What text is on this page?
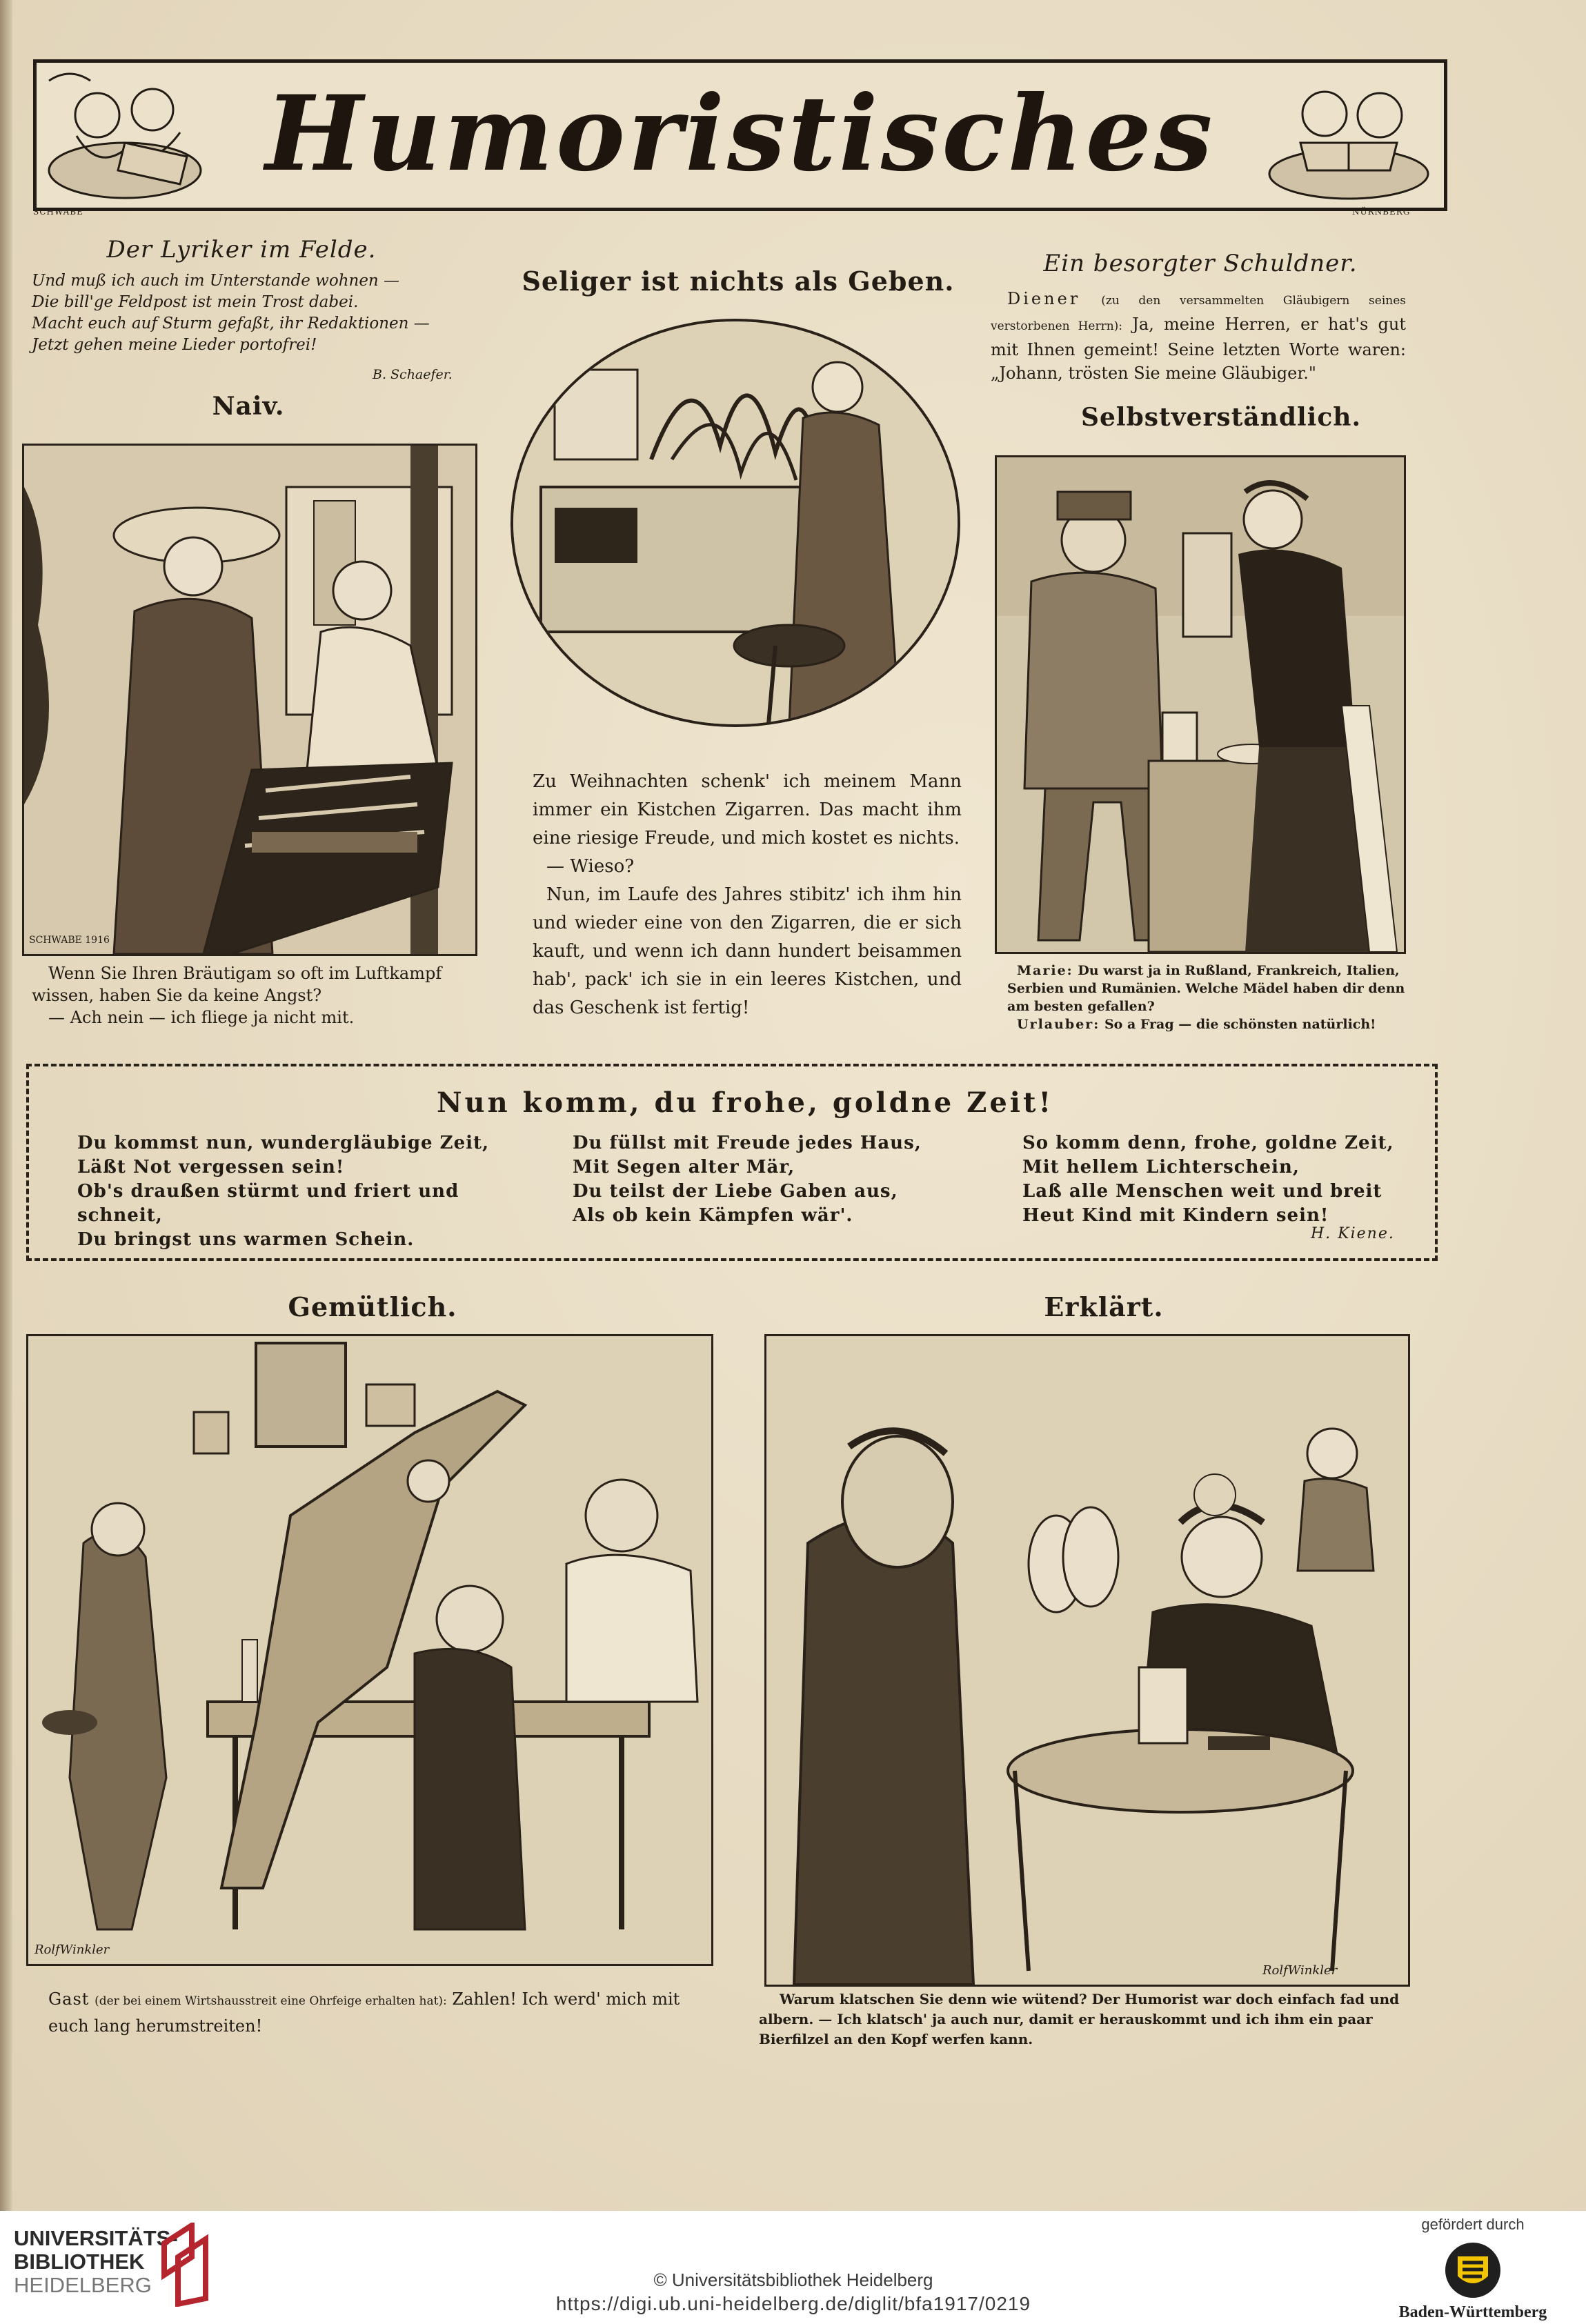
Humoristisches
SCHWABE	NÜRNBERG
Der Lyriker im Felde.
Und muß ich auch im Unterstande wohnen —
Die bill'ge Feldpost ist mein Trost dabei.
Macht euch auf Sturm gefaßt, ihr Redaktionen —
Jetzt gehen meine Lieder portofrei!
B. Schaefer.
Naiv.
SCHWABE 1916
Wenn Sie Ihren Bräutigam so oft im Luftkampf wissen, haben Sie da keine Angst?
— Ach nein — ich fliege ja nicht mit.
Seliger ist nichts als Geben.
Zu Weihnachten schenk' ich meinem Mann immer ein Kistchen Zigarren. Das macht ihm eine riesige Freude, und mich kostet es nichts.
— Wieso?
Nun, im Laufe des Jahres stibitz' ich ihm hin und wieder eine von den Zigarren, die er sich kauft, und wenn ich dann hundert beisammen hab', pack' ich sie in ein leeres Kistchen, und das Geschenk ist fertig!
Ein besorgter Schuldner.
Diener (zu den versammelten Gläubigern seines verstorbenen Herrn): Ja, meine Herren, er hat's gut mit Ihnen gemeint! Seine letzten Worte waren: „Johann, trösten Sie meine Gläubiger."
Selbstverständlich.
Marie: Du warst ja in Rußland, Frankreich, Italien, Serbien und Rumänien. Welche Mädel haben dir denn am besten gefallen?
Urlauber: So a Frag — die schönsten natürlich!
Nun komm, du frohe, goldne Zeit!
Du kommst nun, wundergläubige Zeit,
Läßt Not vergessen sein!
Ob's draußen stürmt und friert und schneit,
Du bringst uns warmen Schein.
Du füllst mit Freude jedes Haus,
Mit Segen alter Mär,
Du teilst der Liebe Gaben aus,
Als ob kein Kämpfen wär'.
So komm denn, frohe, goldne Zeit,
Mit hellem Lichterschein,
Laß alle Menschen weit und breit
Heut Kind mit Kindern sein!
H. Kiene.
Gemütlich.
RolfWinkler
Gast (der bei einem Wirtshausstreit eine Ohrfeige erhalten hat): Zahlen! Ich werd' mich mit euch lang herumstreiten!
Erklärt.
RolfWinkler
Warum klatschen Sie denn wie wütend? Der Humorist war doch einfach fad und albern. — Ich klatsch' ja auch nur, damit er herauskommt und ich ihm ein paar Bierfilzel an den Kopf werfen kann.
UNIVERSITÄTS-
BIBLIOTHEK
HEIDELBERG	© Universitätsbibliothek Heidelberg
https://digi.ub.uni-heidelberg.de/diglit/bfa1917/0219
gefördert durch
Baden-Württemberg
